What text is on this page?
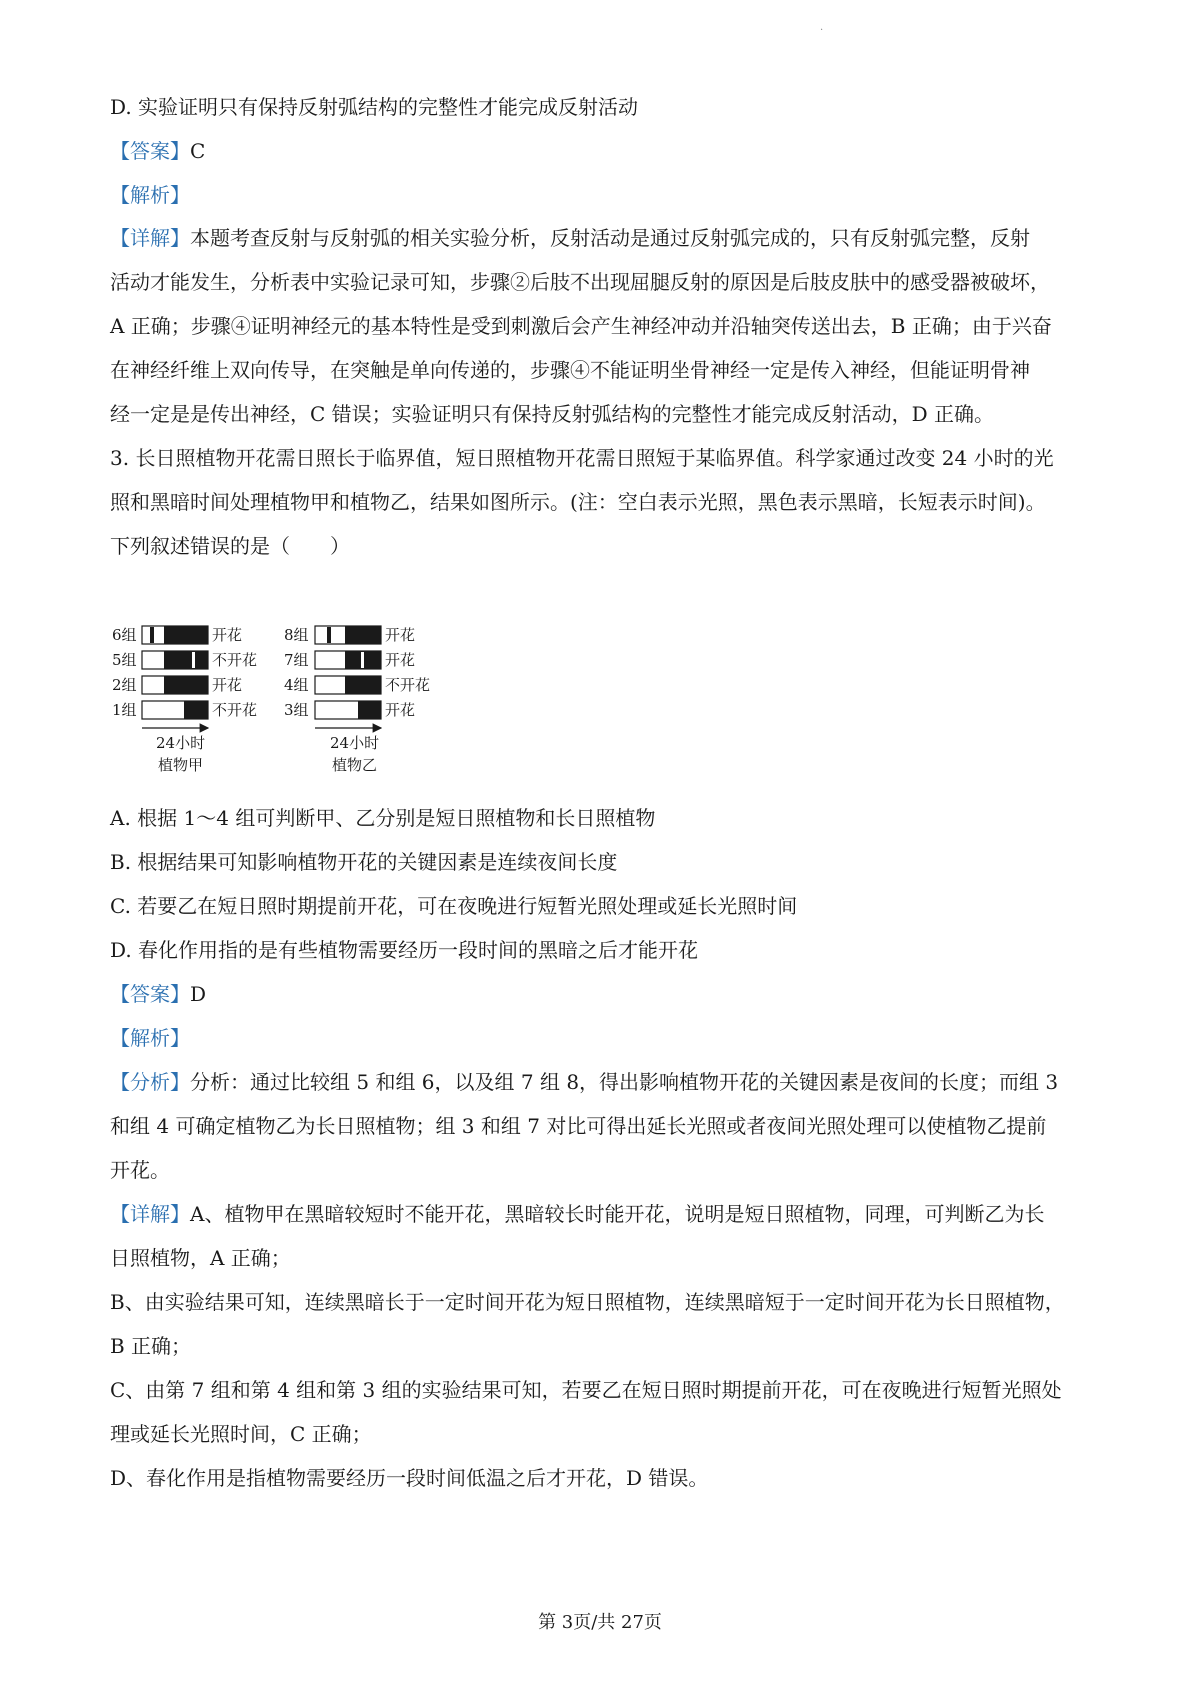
.
D. 实验证明只有保持反射弧结构的完整性才能完成反射活动
【答案】C
【解析】
【详解】本题考查反射与反射弧的相关实验分析，反射活动是通过反射弧完成的，只有反射弧完整，反射
活动才能发生，分析表中实验记录可知，步骤②后肢不出现屈腿反射的原因是后肢皮肤中的感受器被破坏，
A 正确；步骤④证明神经元的基本特性是受到刺激后会产生神经冲动并沿轴突传送出去，B 正确；由于兴奋
在神经纤维上双向传导，在突触是单向传递的，步骤④不能证明坐骨神经一定是传入神经，但能证明骨神
经一定是是传出神经，C 错误；实验证明只有保持反射弧结构的完整性才能完成反射活动，D 正确。
3. 长日照植物开花需日照长于临界值，短日照植物开花需日照短于某临界值。科学家通过改变 24 小时的光
照和黑暗时间处理植物甲和植物乙，结果如图所示。(注：空白表示光照，黑色表示黑暗，长短表示时间)。
下列叙述错误的是（　　）
6组	开花
5组	不开花
2组	开花
1组	不开花
24小时
植物甲
8组	开花
7组	开花
4组	不开花
3组	开花
24小时
植物乙
A. 根据 1～4 组可判断甲、乙分别是短日照植物和长日照植物
B. 根据结果可知影响植物开花的关键因素是连续夜间长度
C. 若要乙在短日照时期提前开花，可在夜晚进行短暂光照处理或延长光照时间
D. 春化作用指的是有些植物需要经历一段时间的黑暗之后才能开花
【答案】D
【解析】
【分析】分析：通过比较组 5 和组 6，以及组 7 组 8，得出影响植物开花的关键因素是夜间的长度；而组 3
和组 4 可确定植物乙为长日照植物；组 3 和组 7 对比可得出延长光照或者夜间光照处理可以使植物乙提前
开花。
【详解】A、植物甲在黑暗较短时不能开花，黑暗较长时能开花，说明是短日照植物，同理，可判断乙为长
日照植物，A 正确；
B、由实验结果可知，连续黑暗长于一定时间开花为短日照植物，连续黑暗短于一定时间开花为长日照植物，
B 正确；
C、由第 7 组和第 4 组和第 3 组的实验结果可知，若要乙在短日照时期提前开花，可在夜晚进行短暂光照处
理或延长光照时间，C 正确；
D、春化作用是指植物需要经历一段时间低温之后才开花，D 错误。
第 3页/共 27页
